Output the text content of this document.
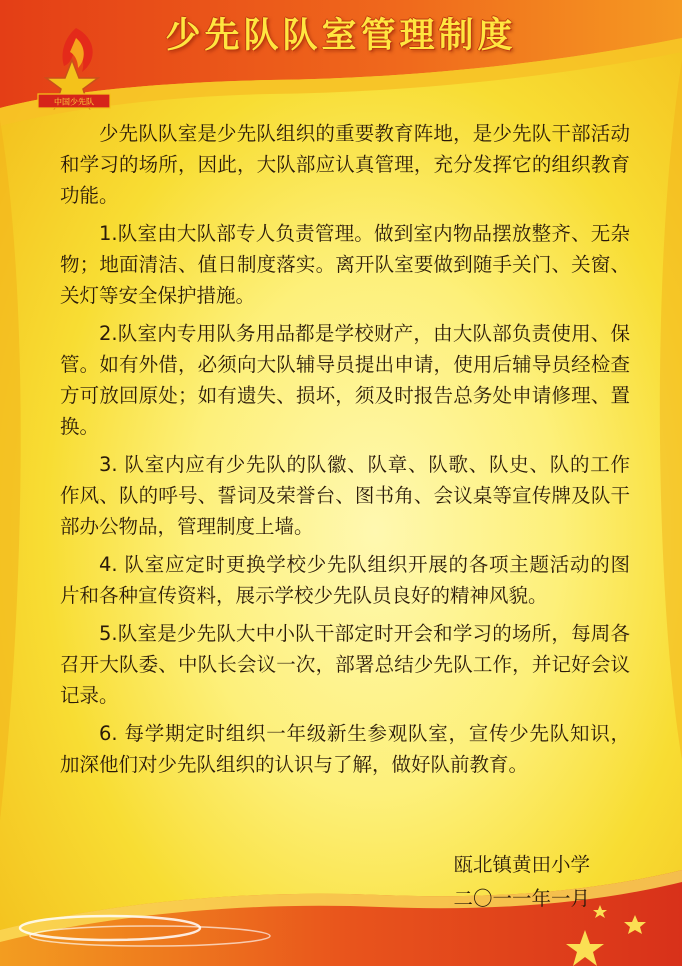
中国少先队
少先队队室管理制度

少先队队室是少先队组织的重要教育阵地，是少先队干部活动和学习的场所，因此，大队部应认真管理，充分发挥它的组织教育功能。

1.队室由大队部专人负责管理。做到室内物品摆放整齐、无杂物；地面清洁、值日制度落实。离开队室要做到随手关门、关窗、关灯等安全保护措施。

2.队室内专用队务用品都是学校财产，由大队部负责使用、保管。如有外借，必须向大队辅导员提出申请，使用后辅导员经检查方可放回原处；如有遗失、损坏，须及时报告总务处申请修理、置换。

3. 队室内应有少先队的队徽、队章、队歌、队史、队的工作作风、队的呼号、誓词及荣誉台、图书角、会议桌等宣传牌及队干部办公物品，管理制度上墙。

4. 队室应定时更换学校少先队组织开展的各项主题活动的图片和各种宣传资料，展示学校少先队员良好的精神风貌。

5.队室是少先队大中小队干部定时开会和学习的场所，每周各召开大队委、中队长会议一次，部署总结少先队工作，并记好会议记录。

6. 每学期定时组织一年级新生参观队室，宣传少先队知识，加深他们对少先队组织的认识与了解，做好队前教育。

瓯北镇黄田小学
二〇一一年一月
